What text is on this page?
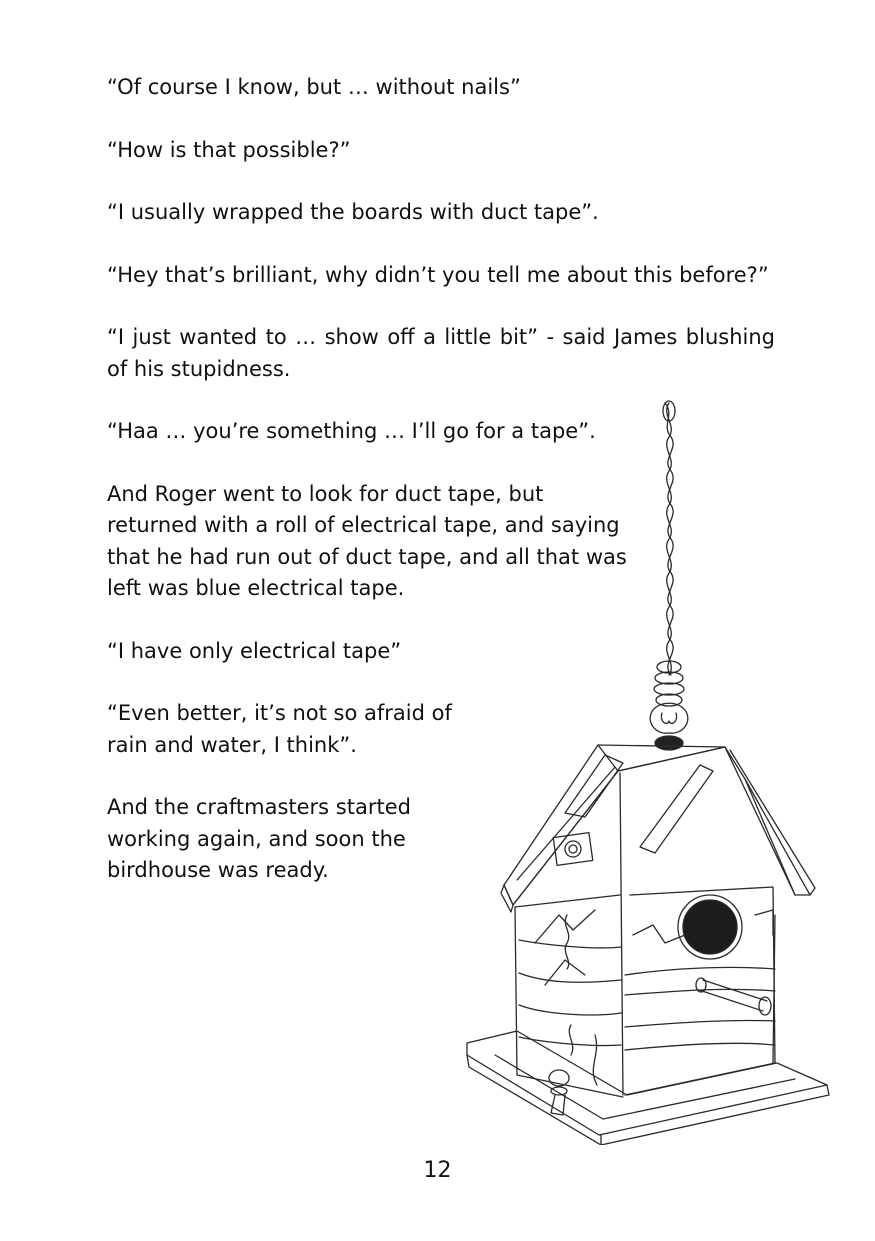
“Of course I know, but … without nails”

“How is that possible?”

“I usually wrapped the boards with duct tape”.

“Hey that’s brilliant, why didn’t you tell me about this before?”

“I just wanted to … show off a little bit” - said James blushing of his stupidness.

“Haa … you’re something … I’ll go for a tape”.

And Roger went to look for duct tape, but returned with a roll of electrical tape, and saying that he had run out of duct tape, and all that was left was blue electrical tape.

“I have only electrical tape”

“Even better, it’s not so afraid of rain and water, I think”.

And the craftmasters started working again, and soon the birdhouse was ready.

12
